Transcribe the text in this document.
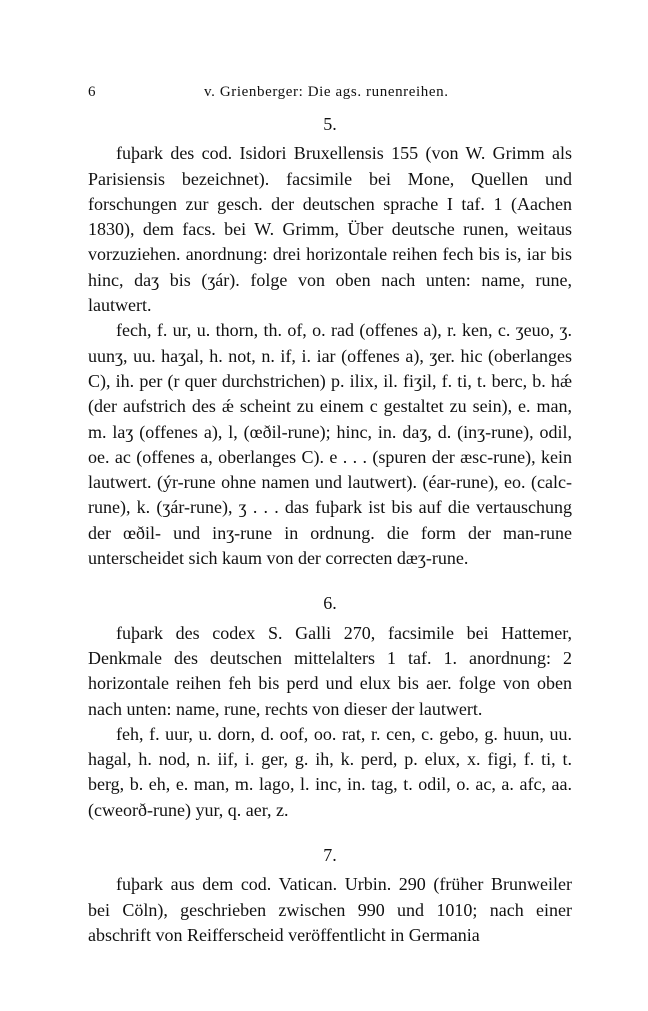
6	v. Grienberger: Die ags. runenreihen.
5.

fuþark des cod. Isidori Bruxellensis 155 (von W. Grimm als Parisiensis bezeichnet). facsimile bei Mone, Quellen und forschungen zur gesch. der deutschen sprache I taf. 1 (Aachen 1830), dem facs. bei W. Grimm, Über deutsche runen, weitaus vorzuziehen. anordnung: drei horizontale reihen fech bis is, iar bis hinc, daʒ bis (ʒár). folge von oben nach unten: name, rune, lautwert.

fech, f. ur, u. thorn, th. of, o. rad (offenes a), r. ken, c. ʒeuo, ʒ. uunʒ, uu. haʒal, h. not, n. if, i. iar (offenes a), ʒer. hic (oberlanges C), ih. per (r quer durchstrichen) p. ilix, il. fiʒil, f. ti, t. berc, b. hǽ (der aufstrich des ǽ scheint zu einem c gestaltet zu sein), e. man, m. laʒ (offenes a), l, (œðil-rune); hinc, in. daʒ, d. (inʒ-rune), odil, oe. ac (offenes a, oberlanges C). e . . . (spuren der æsc-rune), kein lautwert. (ýr-rune ohne namen und lautwert). (éar-rune), eo. (calc-rune), k. (ʒár-rune), ʒ . . . das fuþark ist bis auf die vertauschung der œðil- und inʒ-rune in ordnung. die form der man-rune unterscheidet sich kaum von der correcten dæʒ-rune.

6.

fuþark des codex S. Galli 270, facsimile bei Hattemer, Denkmale des deutschen mittelalters 1 taf. 1. anordnung: 2 horizontale reihen feh bis perd und elux bis aer. folge von oben nach unten: name, rune, rechts von dieser der lautwert.

feh, f. uur, u. dorn, d. oof, oo. rat, r. cen, c. gebo, g. huun, uu. hagal, h. nod, n. iif, i. ger, g. ih, k. perd, p. elux, x. figi, f. ti, t. berg, b. eh, e. man, m. lago, l. inc, in. tag, t. odil, o. ac, a. afc, aa. (cweorð-rune) yur, q. aer, z.

7.

fuþark aus dem cod. Vatican. Urbin. 290 (früher Brunweiler bei Cöln), geschrieben zwischen 990 und 1010; nach einer abschrift von Reifferscheid veröffentlicht in Germania
